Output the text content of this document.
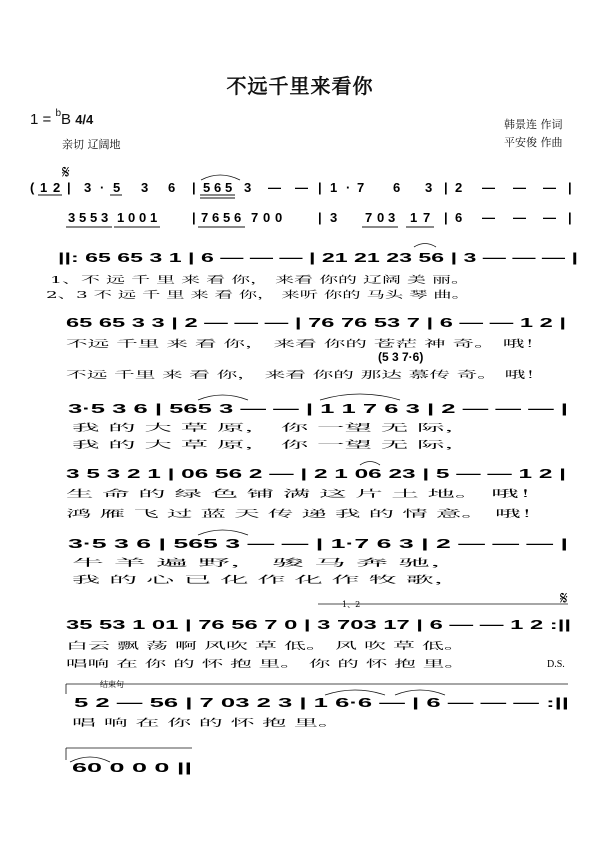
不远千里来看你
1 = $^b$B 4/4
亲切 辽阔地
韩景连 作词
平安俊 作曲
𝄋
( 1 2 | 3 · 5 3 6 | 5 6 5 3 — — | 1 · 7 6 3 | 2 — — — |
3 5 5 3 1 0 0 1	| 7 6 5 6 7 0 0	| 3 7 0 3 1 7 | 6 — — — |
||: 65 65 3 1 | 6 — — — | 21 21 23 56 | 3 — — — |
65 65 3 3 | 2 — — — | 76 76 53 7 | 6 — — 1 2 |
3·5 3 6 | 565 3 — — | 1 1 7 6 3 | 2 — — — |
3 5 3 2 1 | 06 56 2 — | 2 1 06 23 | 5 — — 1 2 |
3·5 3 6 | 565 3 — — | 1·7 6 3 | 2 — — — |
35 53 1 01 | 76 56 7 0 | 3 703 17 | 6 — — 1 2 :||
5 2 — 56 | 7 03 2 3 | 1 6·6 — | 6 — — — :||
60 0 0 0 ||
1、不 远 千 里 来 看 你， 来看 你的 辽阔 美 丽。
2、3 不 远 千 里 来 看 你， 来听 你的 马头 琴 曲。
不远 千里 来 看 你， 来看 你的 苍茫 神 奇。 哦！
不远 千里 来 看 你， 来看 你的 那达 慕传 奇。 哦！
我 的 大 草 原， 你 一望 无 际，
我 的 大 草 原， 你 一望 无 际，
生 命 的 绿 色 铺 满 这 片 土 地。 哦！
鸿 雁 飞 过 蓝 天 传 递 我 的 情 意。 哦！
牛 羊 遍 野， 骏 马 奔 驰，
我 的 心 已 化 作 化 作 牧 歌，
白云 飘 荡 啊 风吹 草 低。 风 吹 草 低。
唱响 在 你 的 怀 抱 里。 你 的 怀 抱 里。
唱 响 在 你 的 怀 抱 里。
(5 3 7·6)
1、2
结束句
𝄋
D.S.
